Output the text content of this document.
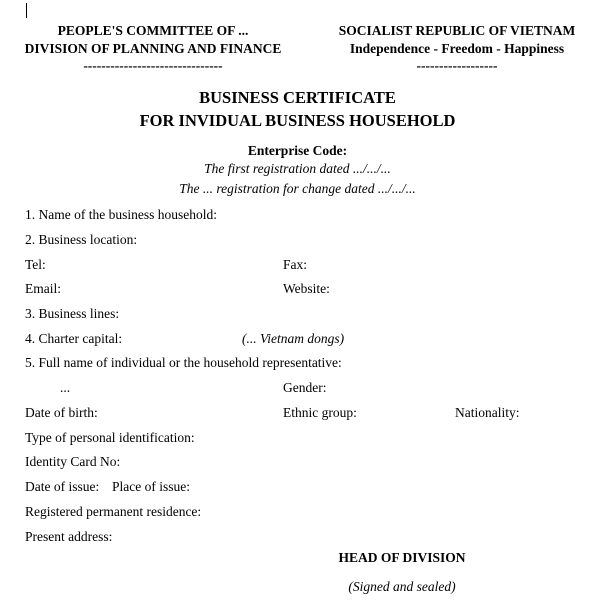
PEOPLE'S COMMITTEE OF ...
DIVISION OF PLANNING AND FINANCE
-------------------------------
SOCIALIST REPUBLIC OF VIETNAM
Independence - Freedom - Happiness
------------------
BUSINESS CERTIFICATE
FOR INVIDUAL BUSINESS HOUSEHOLD
Enterprise Code:
The first registration dated .../.../...
The ... registration for change dated .../.../...
1. Name of the business household:
2. Business location:
Tel:	Fax:
Email:	Website:
3. Business lines:
4. Charter capital:	(... Vietnam dongs)
5. Full name of individual or the household representative:
...	Gender:
Date of birth:	Ethnic group:	Nationality:
Type of personal identification:
Identity Card No:
Date of issue: Place of issue:
Registered permanent residence:
Present address:
HEAD OF DIVISION
(Signed and sealed)
